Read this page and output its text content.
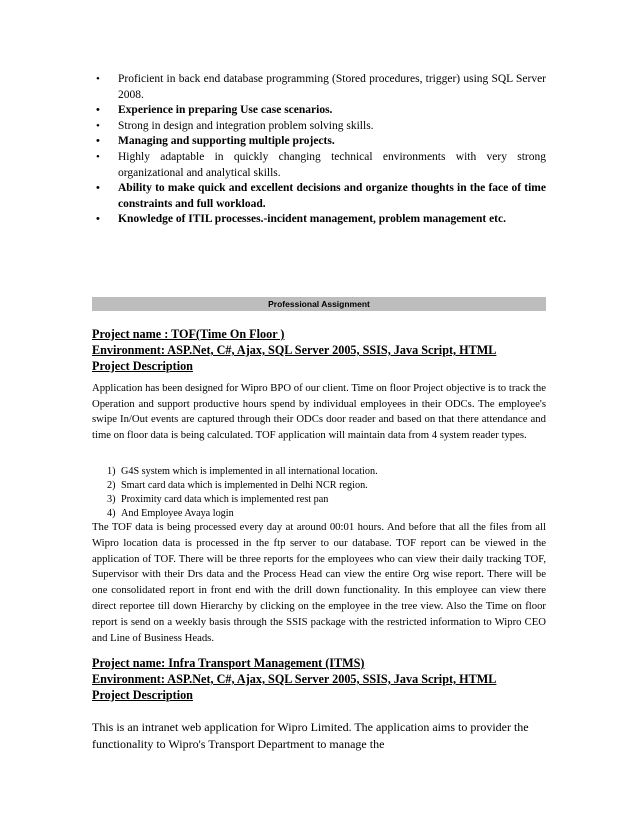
• Proficient in back end database programming (Stored procedures, trigger) using SQL Server 2008.
• Experience in preparing Use case scenarios.
• Strong in design and integration problem solving skills.
• Managing and supporting multiple projects.
• Highly adaptable in quickly changing technical environments with very strong organizational and analytical skills.
• Ability to make quick and excellent decisions and organize thoughts in the face of time constraints and full workload.
• Knowledge of ITIL processes.-incident management, problem management etc.
Professional Assignment
Project name : TOF(Time On Floor )
Environment: ASP.Net, C#, Ajax, SQL Server 2005, SSIS, Java Script, HTML
Project Description
Application has been designed for Wipro BPO of our client. Time on floor Project objective is to track the Operation and support productive hours spend by individual employees in their ODCs. The employee's swipe In/Out events are captured through their ODCs door reader and based on that there attendance and time on floor data is being calculated. TOF application will maintain data from 4 system reader types.
1) G4S system which is implemented in all international location.
2) Smart card data which is implemented in Delhi NCR region.
3) Proximity card data which is implemented rest pan
4) And Employee Avaya login
The TOF data is being processed every day at around 00:01 hours. And before that all the files from all Wipro location data is processed in the ftp server to our database. TOF report can be viewed in the application of TOF. There will be three reports for the employees who can view their daily tracking TOF, Supervisor with their Drs data and the Process Head can view the entire Org wise report. There will be one consolidated report in front end with the drill down functionality. In this employee can view there direct reportee till down Hierarchy by clicking on the employee in the tree view. Also the Time on floor report is send on a weekly basis through the SSIS package with the restricted information to Wipro CEO and Line of Business Heads.
Project name: Infra Transport Management (ITMS)
Environment: ASP.Net, C#, Ajax, SQL Server 2005, SSIS, Java Script, HTML
Project Description
This is an intranet web application for Wipro Limited. The application aims to provider the functionality to Wipro's Transport Department to manage the
